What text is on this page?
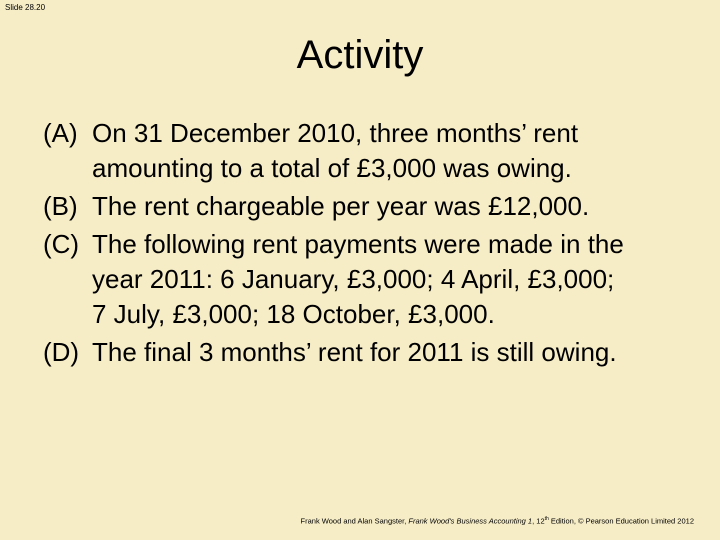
Slide 28.20
Activity
(A) On 31 December 2010, three months’ rent
amounting to a total of £3,000 was owing.
(B) The rent chargeable per year was £12,000.
(C) The following rent payments were made in the
year 2011: 6 January, £3,000; 4 April, £3,000;
7 July, £3,000; 18 October, £3,000.
(D) The final 3 months’ rent for 2011 is still owing.
Frank Wood and Alan Sangster, Frank Wood's Business Accounting 1, 12th Edition, © Pearson Education Limited 2012
